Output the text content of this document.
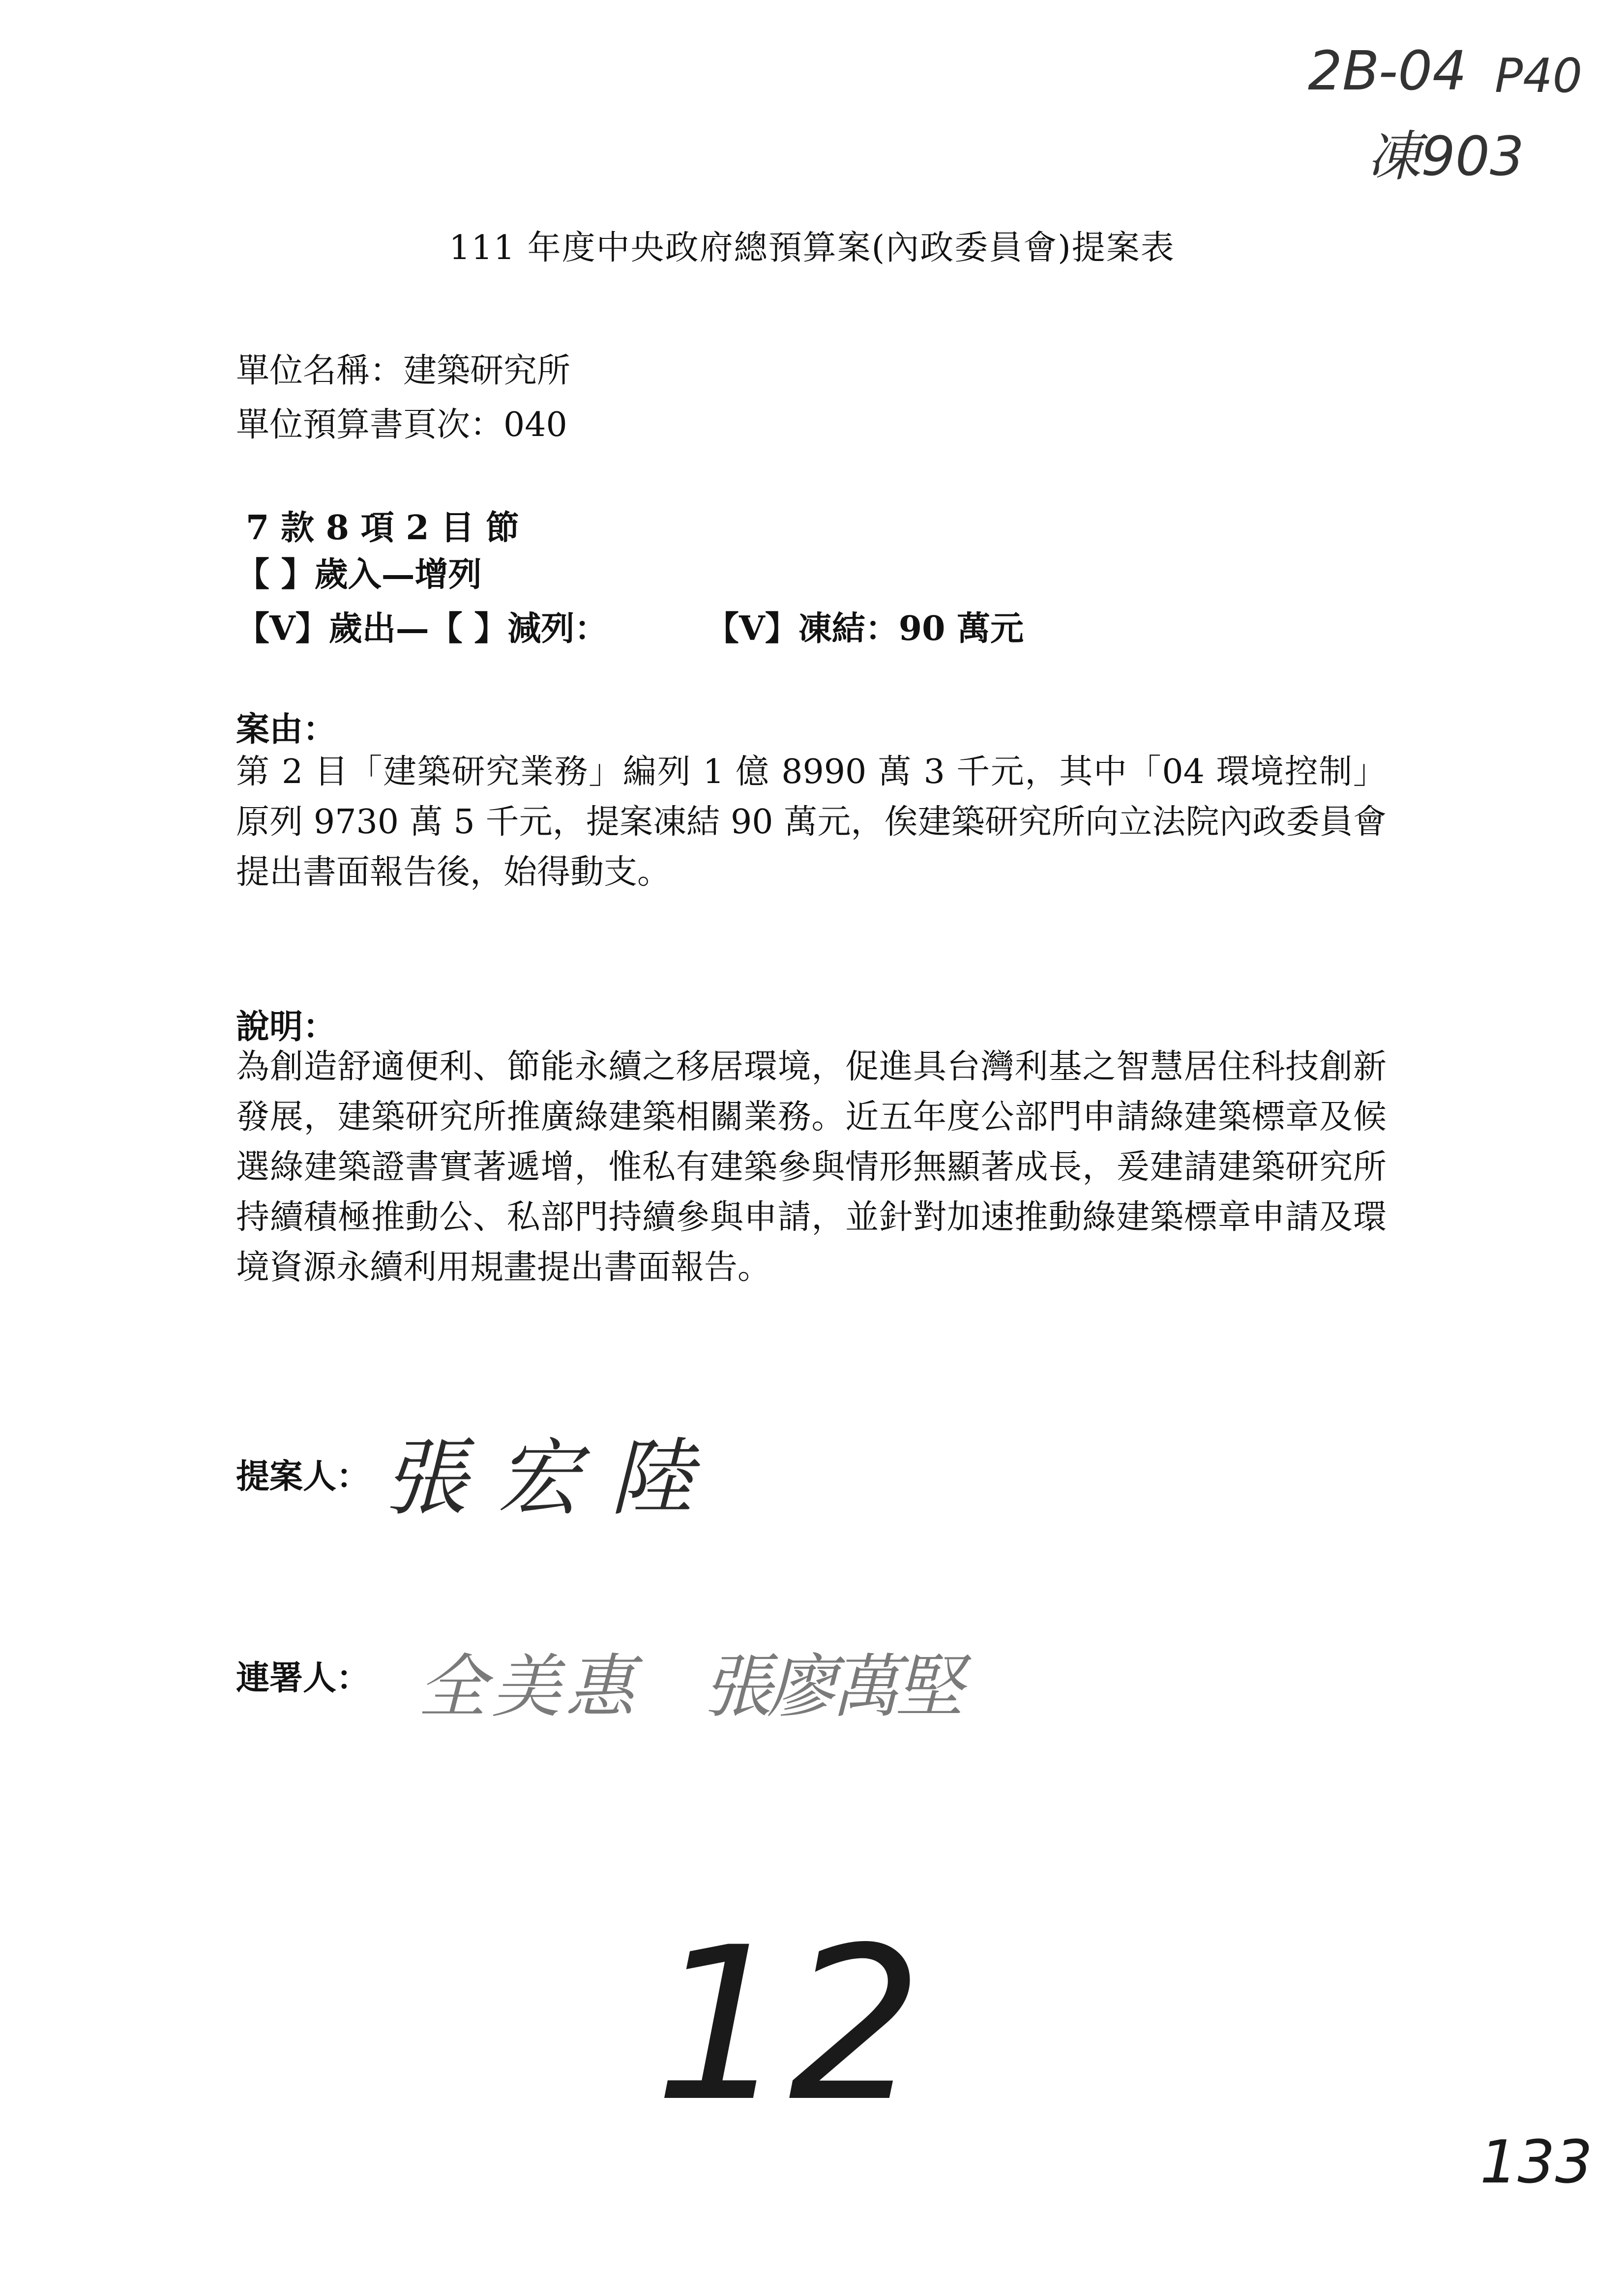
2B-04 P40
凍903
111 年度中央政府總預算案(內政委員會)提案表
單位名稱：建築研究所
單位預算書頁次：040
7 款 8 項 2 目 節
【 】歲入—增列
【V】歲出—【 】減列：	【V】凍結：90 萬元
案由：
第 2 目「建築研究業務」編列 1 億 8990 萬 3 千元，其中「04 環境控制」原列 9730 萬 5 千元，提案凍結 90 萬元，俟建築研究所向立法院內政委員會提出書面報告後，始得動支。
說明：
為創造舒適便利、節能永續之移居環境，促進具台灣利基之智慧居住科技創新發展，建築研究所推廣綠建築相關業務。近五年度公部門申請綠建築標章及候選綠建築證書實著遞增，惟私有建築參與情形無顯著成長，爰建請建築研究所持續積極推動公、私部門持續參與申請，並針對加速推動綠建築標章申請及環境資源永續利用規畫提出書面報告。
提案人： 張宏陸
連署人： 全美惠 張廖萬堅
12
133
